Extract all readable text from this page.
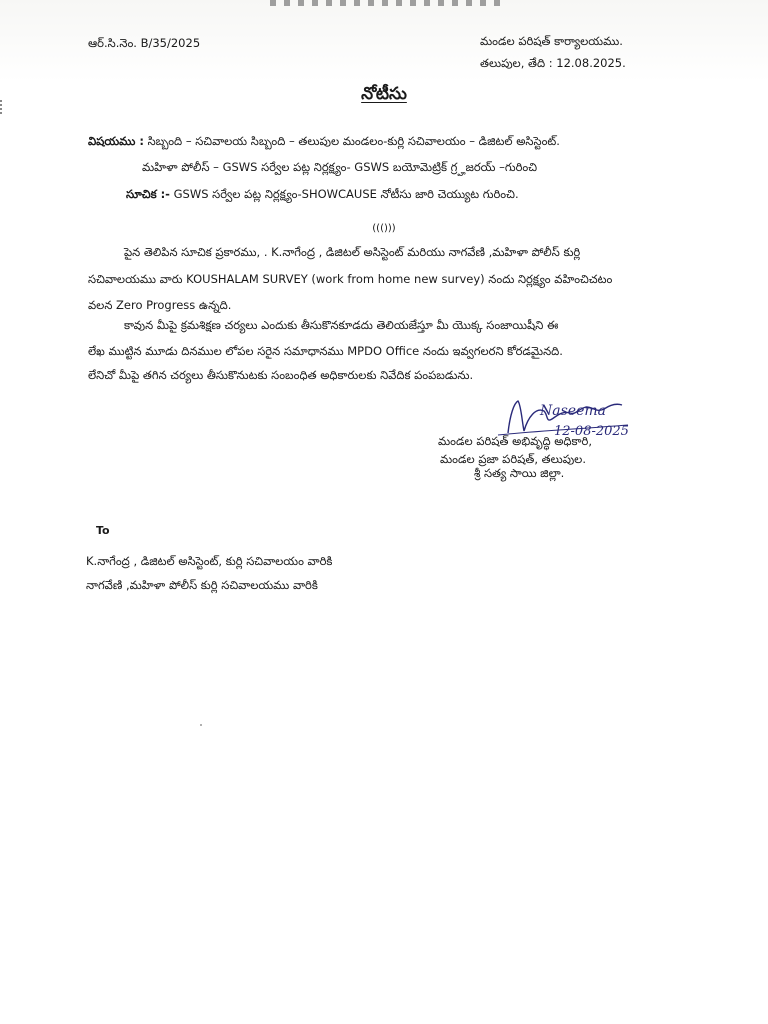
ఆర్.సి.నెం. B/35/2025	మండల పరిషత్ కార్యాలయము.
తలుపుల, తేది : 12.08.2025.
నోటీసు
విషయము : సిబ్బంది – సచివాలయ సిబ్బంది – తలుపుల మండలం-కుర్లి సచివాలయం – డిజిటల్ అసిస్టెంట్.
మహిళా పోలీస్ – GSWS సర్వేల పట్ల నిర్లక్ష్యం- GSWS బయోమెట్రిక్ గ్ర్హజరయ్ –గురించి
సూచిక :- GSWS సర్వేల పట్ల నిర్లక్ష్యం-SHOWCAUSE నోటీసు జారి చెయ్యుట గురించి.
((()))
పైన తెలిపిన సూచిక ప్రకారము, . K.నాగేంద్ర , డిజిటల్ అసిస్టెంట్ మరియు నాగవేణి ,మహిళా పోలీస్ కుర్లి
సచివాలయము వారు KOUSHALAM SURVEY (work from home new survey) నందు నిర్లక్ష్యం వహించిచటం
వలన Zero Progress ఉన్నది.
కావున మీపై క్రమశిక్షణ చర్యలు ఎందుకు తీసుకొనకూడదు తెలియజేస్తూ మీ యొక్క సంజాయిషీని ఈ
లేఖ ముట్టిన మూడు దినముల లోపల సరైన సమాధానము MPDO Office నందు ఇవ్వగలరని కోరడమైనది.
లేనిచో మీపై తగిన చర్యలు తీసుకొనుటకు సంబంధిత అధికారులకు నివేదిక పంపబడును.
Naseema
12-08-2025
మండల పరిషత్ అభివృద్ధి అధికారి,
మండల ప్రజా పరిషత్, తలుపుల.
శ్రీ సత్య సాయి జిల్లా.
To
K.నాగేంద్ర , డిజిటల్ అసిస్టెంట్, కుర్లి సచివాలయం వారికి
నాగవేణి ,మహిళా పోలీస్ కుర్లి సచివాలయము వారికి
